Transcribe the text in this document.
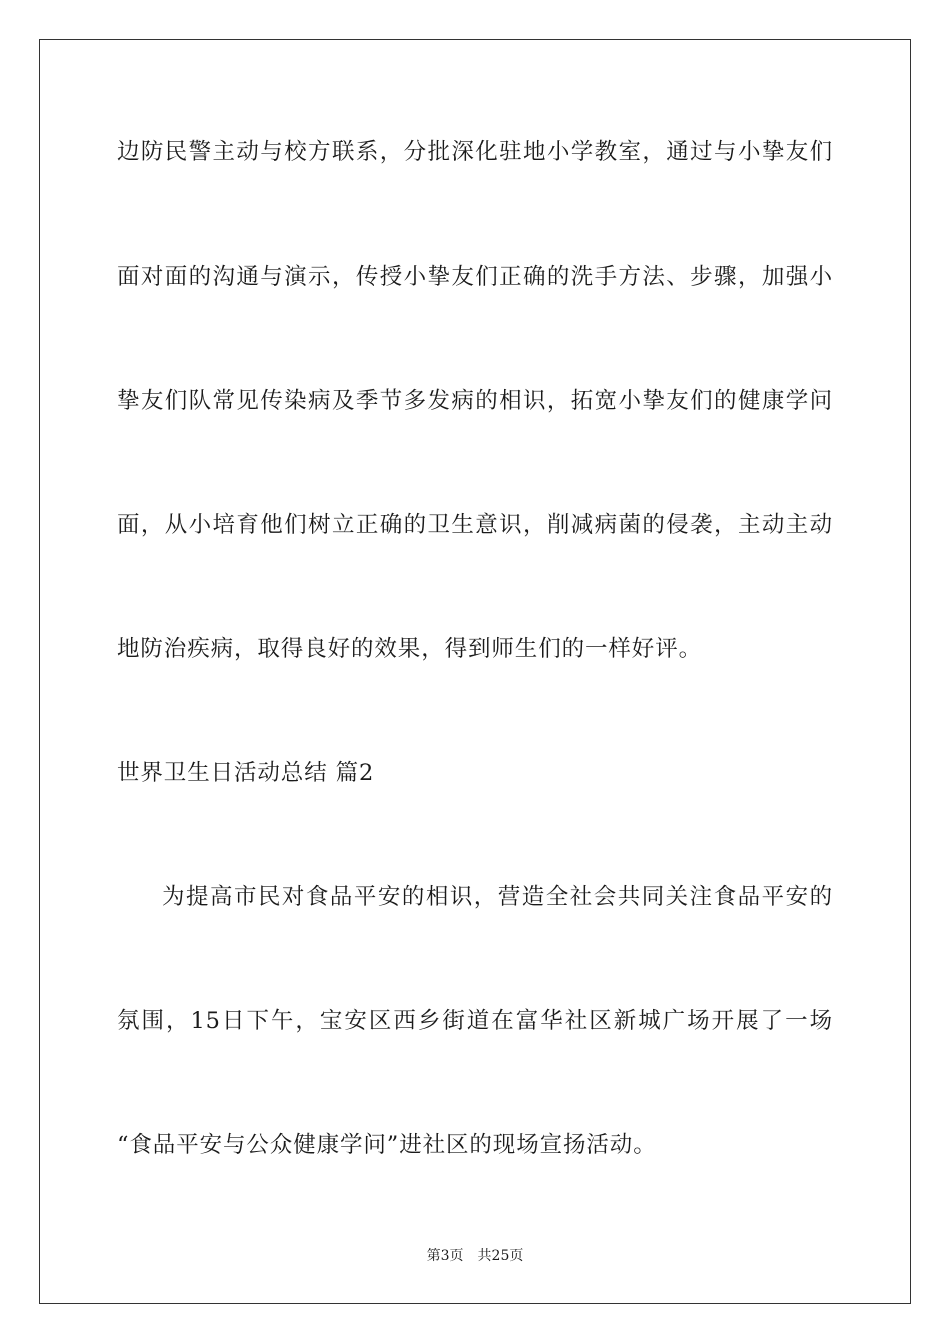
边防民警主动与校方联系，分批深化驻地小学教室，通过与小挚友们
面对面的沟通与演示，传授小挚友们正确的洗手方法、步骤，加强小
挚友们队常见传染病及季节多发病的相识，拓宽小挚友们的健康学问
面，从小培育他们树立正确的卫生意识，削减病菌的侵袭，主动主动
地防治疾病，取得良好的效果，得到师生们的一样好评。
世界卫生日活动总结 篇2
为提高市民对食品平安的相识，营造全社会共同关注食品平安的
氛围，15日下午，宝安区西乡街道在富华社区新城广场开展了一场
“食品平安与公众健康学问”进社区的现场宣扬活动。
第3页 共25页
